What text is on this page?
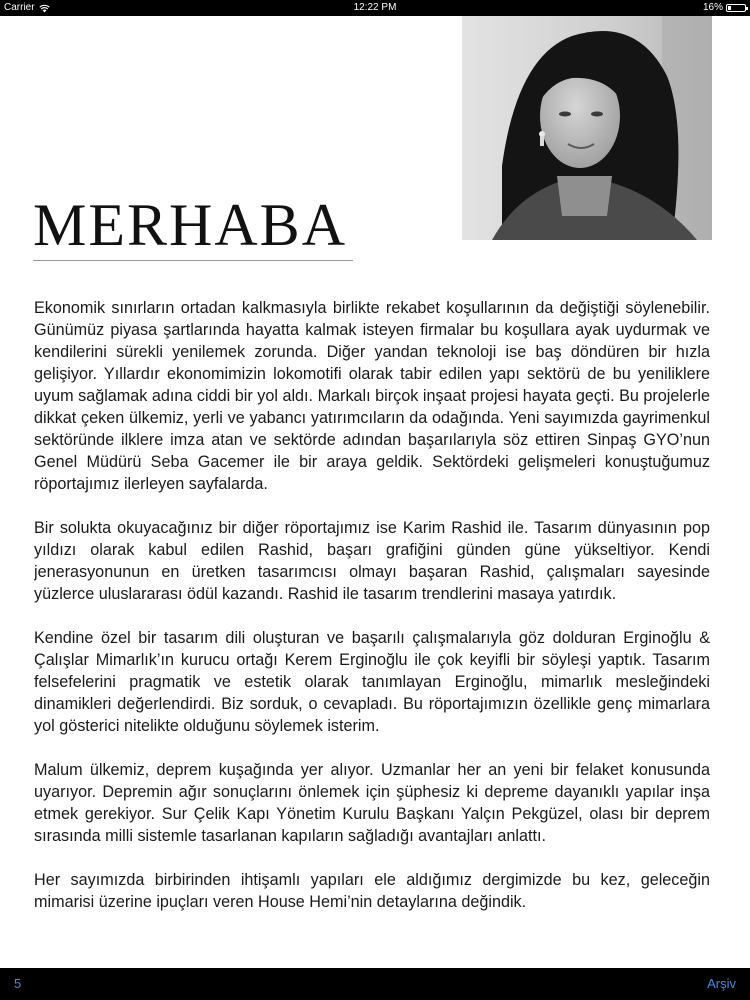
Carrier	12:22 PM	16%
MERHABA

Ekonomik sınırların ortadan kalkmasıyla birlikte rekabet koşullarının da değiştiği söylenebilir. Günümüz piyasa şartlarında hayatta kalmak isteyen firmalar bu koşullara ayak uydurmak ve kendilerini sürekli yenilemek zorunda. Diğer yandan teknoloji ise baş döndüren bir hızla gelişiyor. Yıllardır ekonomimizin lokomotifi olarak tabir edilen yapı sektörü de bu yeniliklere uyum sağlamak adına ciddi bir yol aldı. Markalı birçok inşaat projesi hayata geçti. Bu projelerle dikkat çeken ülkemiz, yerli ve yabancı yatırımcıların da odağında. Yeni sayımızda gayrimenkul sektöründe ilklere imza atan ve sektörde adından başarılarıyla söz ettiren Sinpaş GYO’nun Genel Müdürü Seba Gacemer ile bir araya geldik. Sektördeki gelişmeleri konuştuğumuz röportajımız ilerleyen sayfalarda.

Bir solukta okuyacağınız bir diğer röportajımız ise Karim Rashid ile. Tasarım dünyasının pop yıldızı olarak kabul edilen Rashid, başarı grafiğini günden güne yükseltiyor. Kendi jenerasyonunun en üretken tasarımcısı olmayı başaran Rashid, çalışmaları sayesinde yüzlerce uluslararası ödül kazandı. Rashid ile tasarım trendlerini masaya yatırdık.

Kendine özel bir tasarım dili oluşturan ve başarılı çalışmalarıyla göz dolduran Erginoğlu & Çalışlar Mimarlık’ın kurucu ortağı Kerem Erginoğlu ile çok keyifli bir söyleşi yaptık. Tasarım felsefelerini pragmatik ve estetik olarak tanımlayan Erginoğlu, mimarlık mesleğindeki dinamikleri değerlendirdi. Biz sorduk, o cevapladı. Bu röportajımızın özellikle genç mimarlara yol gösterici nitelikte olduğunu söylemek isterim.

Malum ülkemiz, deprem kuşağında yer alıyor. Uzmanlar her an yeni bir felaket konusunda uyarıyor. Depremin ağır sonuçlarını önlemek için şüphesiz ki depreme dayanıklı yapılar inşa etmek gerekiyor. Sur Çelik Kapı Yönetim Kurulu Başkanı Yalçın Pekgüzel, olası bir deprem sırasında milli sistemle tasarlanan kapıların sağladığı avantajları anlattı.

Her sayımızda birbirinden ihtişamlı yapıları ele aldığımız dergimizde bu kez, geleceğin mimarisi üzerine ipuçları veren House Hemi’nin detaylarına değindik.

5	Arşiv
